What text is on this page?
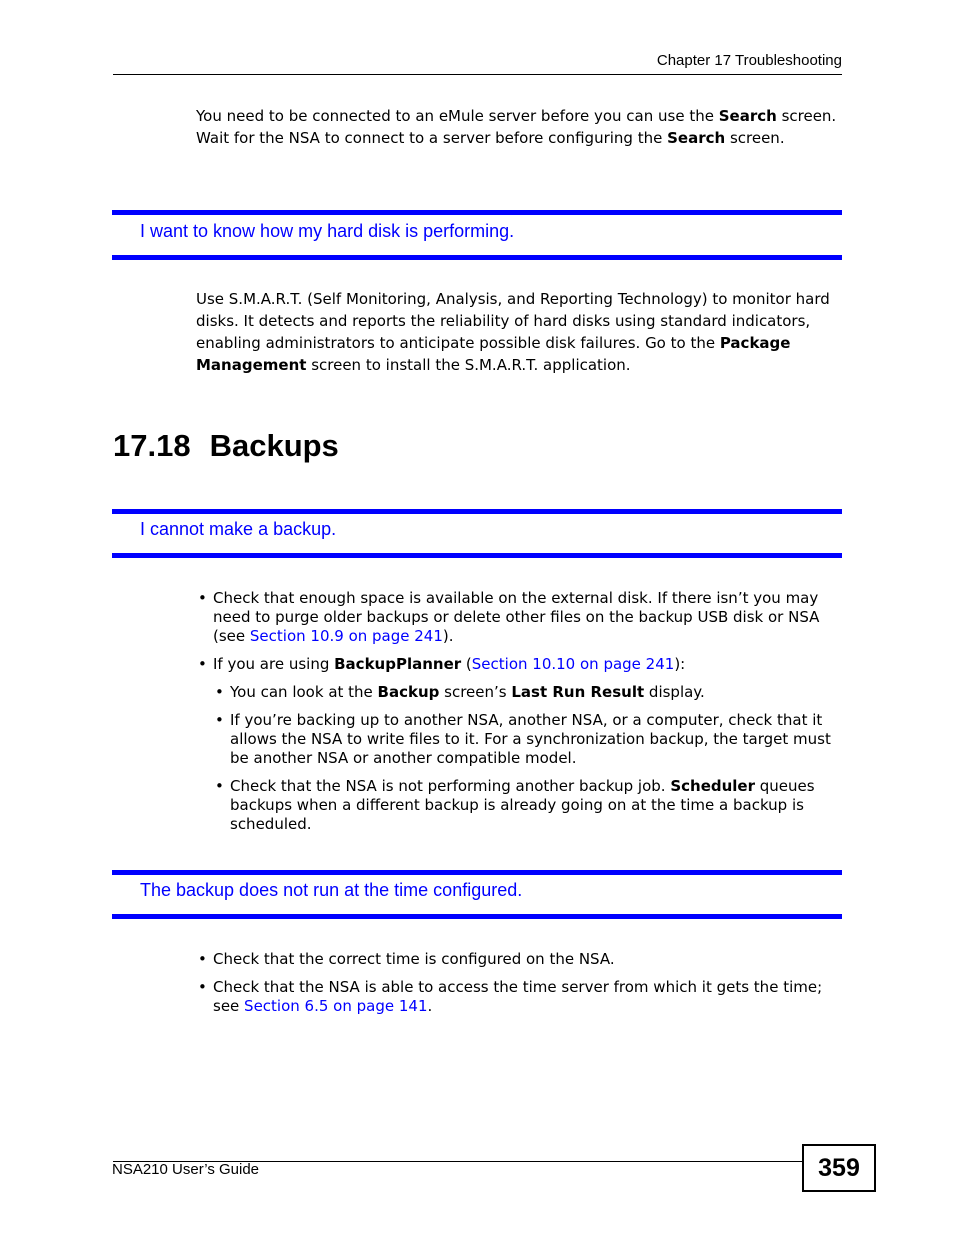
Chapter 17 Troubleshooting

You need to be connected to an eMule server before you can use the Search screen. Wait for the NSA to connect to a server before configuring the Search screen.

I want to know how my hard disk is performing.

Use S.M.A.R.T. (Self Monitoring, Analysis, and Reporting Technology) to monitor hard disks. It detects and reports the reliability of hard disks using standard indicators, enabling administrators to anticipate possible disk failures. Go to the Package Management screen to install the S.M.A.R.T. application.

17.18 Backups
I cannot make a backup.
• Check that enough space is available on the external disk. If there isn’t you may need to purge older backups or delete other files on the backup USB disk or NSA (see Section 10.9 on page 241).
• If you are using BackupPlanner (Section 10.10 on page 241):
• You can look at the Backup screen’s Last Run Result display.
• If you’re backing up to another NSA, another NSA, or a computer, check that it allows the NSA to write files to it. For a synchronization backup, the target must be another NSA or another compatible model.
• Check that the NSA is not performing another backup job. Scheduler queues backups when a different backup is already going on at the time a backup is scheduled.
The backup does not run at the time configured.
• Check that the correct time is configured on the NSA.
• Check that the NSA is able to access the time server from which it gets the time; see Section 6.5 on page 141.
NSA210 User’s Guide	359
